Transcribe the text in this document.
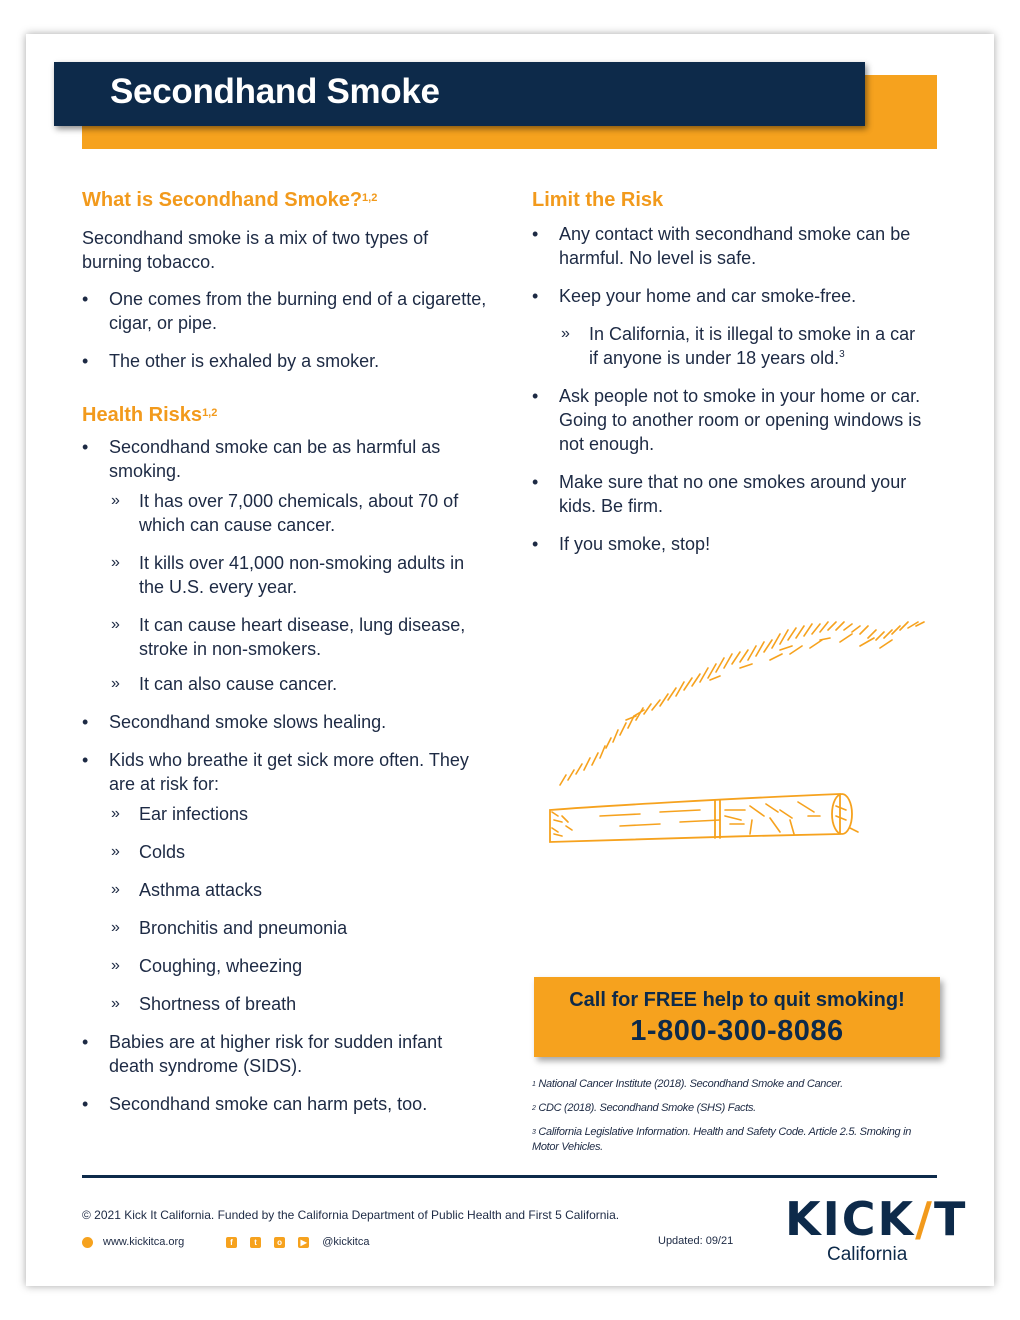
Secondhand Smoke
What is Secondhand Smoke?$^{1,2}$

Secondhand smoke is a mix of two types of burning tobacco.

• One comes from the burning end of a cigarette, cigar, or pipe.
• The other is exhaled by a smoker.
Health Risks$^{1,2}$
• Secondhand smoke can be as harmful as smoking.
» It has over 7,000 chemicals, about 70 of which can cause cancer.
» It kills over 41,000 non-smoking adults in the U.S. every year.
» It can cause heart disease, lung disease, stroke in non-smokers.
» It can also cause cancer.
• Secondhand smoke slows healing.
• Kids who breathe it get sick more often. They are at risk for:
» Ear infections
» Colds
» Asthma attacks
» Bronchitis and pneumonia
» Coughing, wheezing
» Shortness of breath
• Babies are at higher risk for sudden infant death syndrome (SIDS).
• Secondhand smoke can harm pets, too.
Limit the Risk
• Any contact with secondhand smoke can be harmful. No level is safe.
• Keep your home and car smoke-free.
» In California, it is illegal to smoke in a car if anyone is under 18 years old.$^3$
• Ask people not to smoke in your home or car. Going to another room or opening windows is not enough.
• Make sure that no one smokes around your kids. Be firm.
• If you smoke, stop!
Call for FREE help to quit smoking!
1-800-300-8086
$^1$ National Cancer Institute (2018). Secondhand Smoke and Cancer.
$^2$ CDC (2018). Secondhand Smoke (SHS) Facts.
$^3$ California Legislative Information. Health and Safety Code. Article 2.5. Smoking in Motor Vehicles.
© 2021 Kick It California. Funded by the California Department of Public Health and First 5 California.
www.kickitca.org	f	t	o ▶ @kickitca	Updated: 09/21 KICK/T
California
